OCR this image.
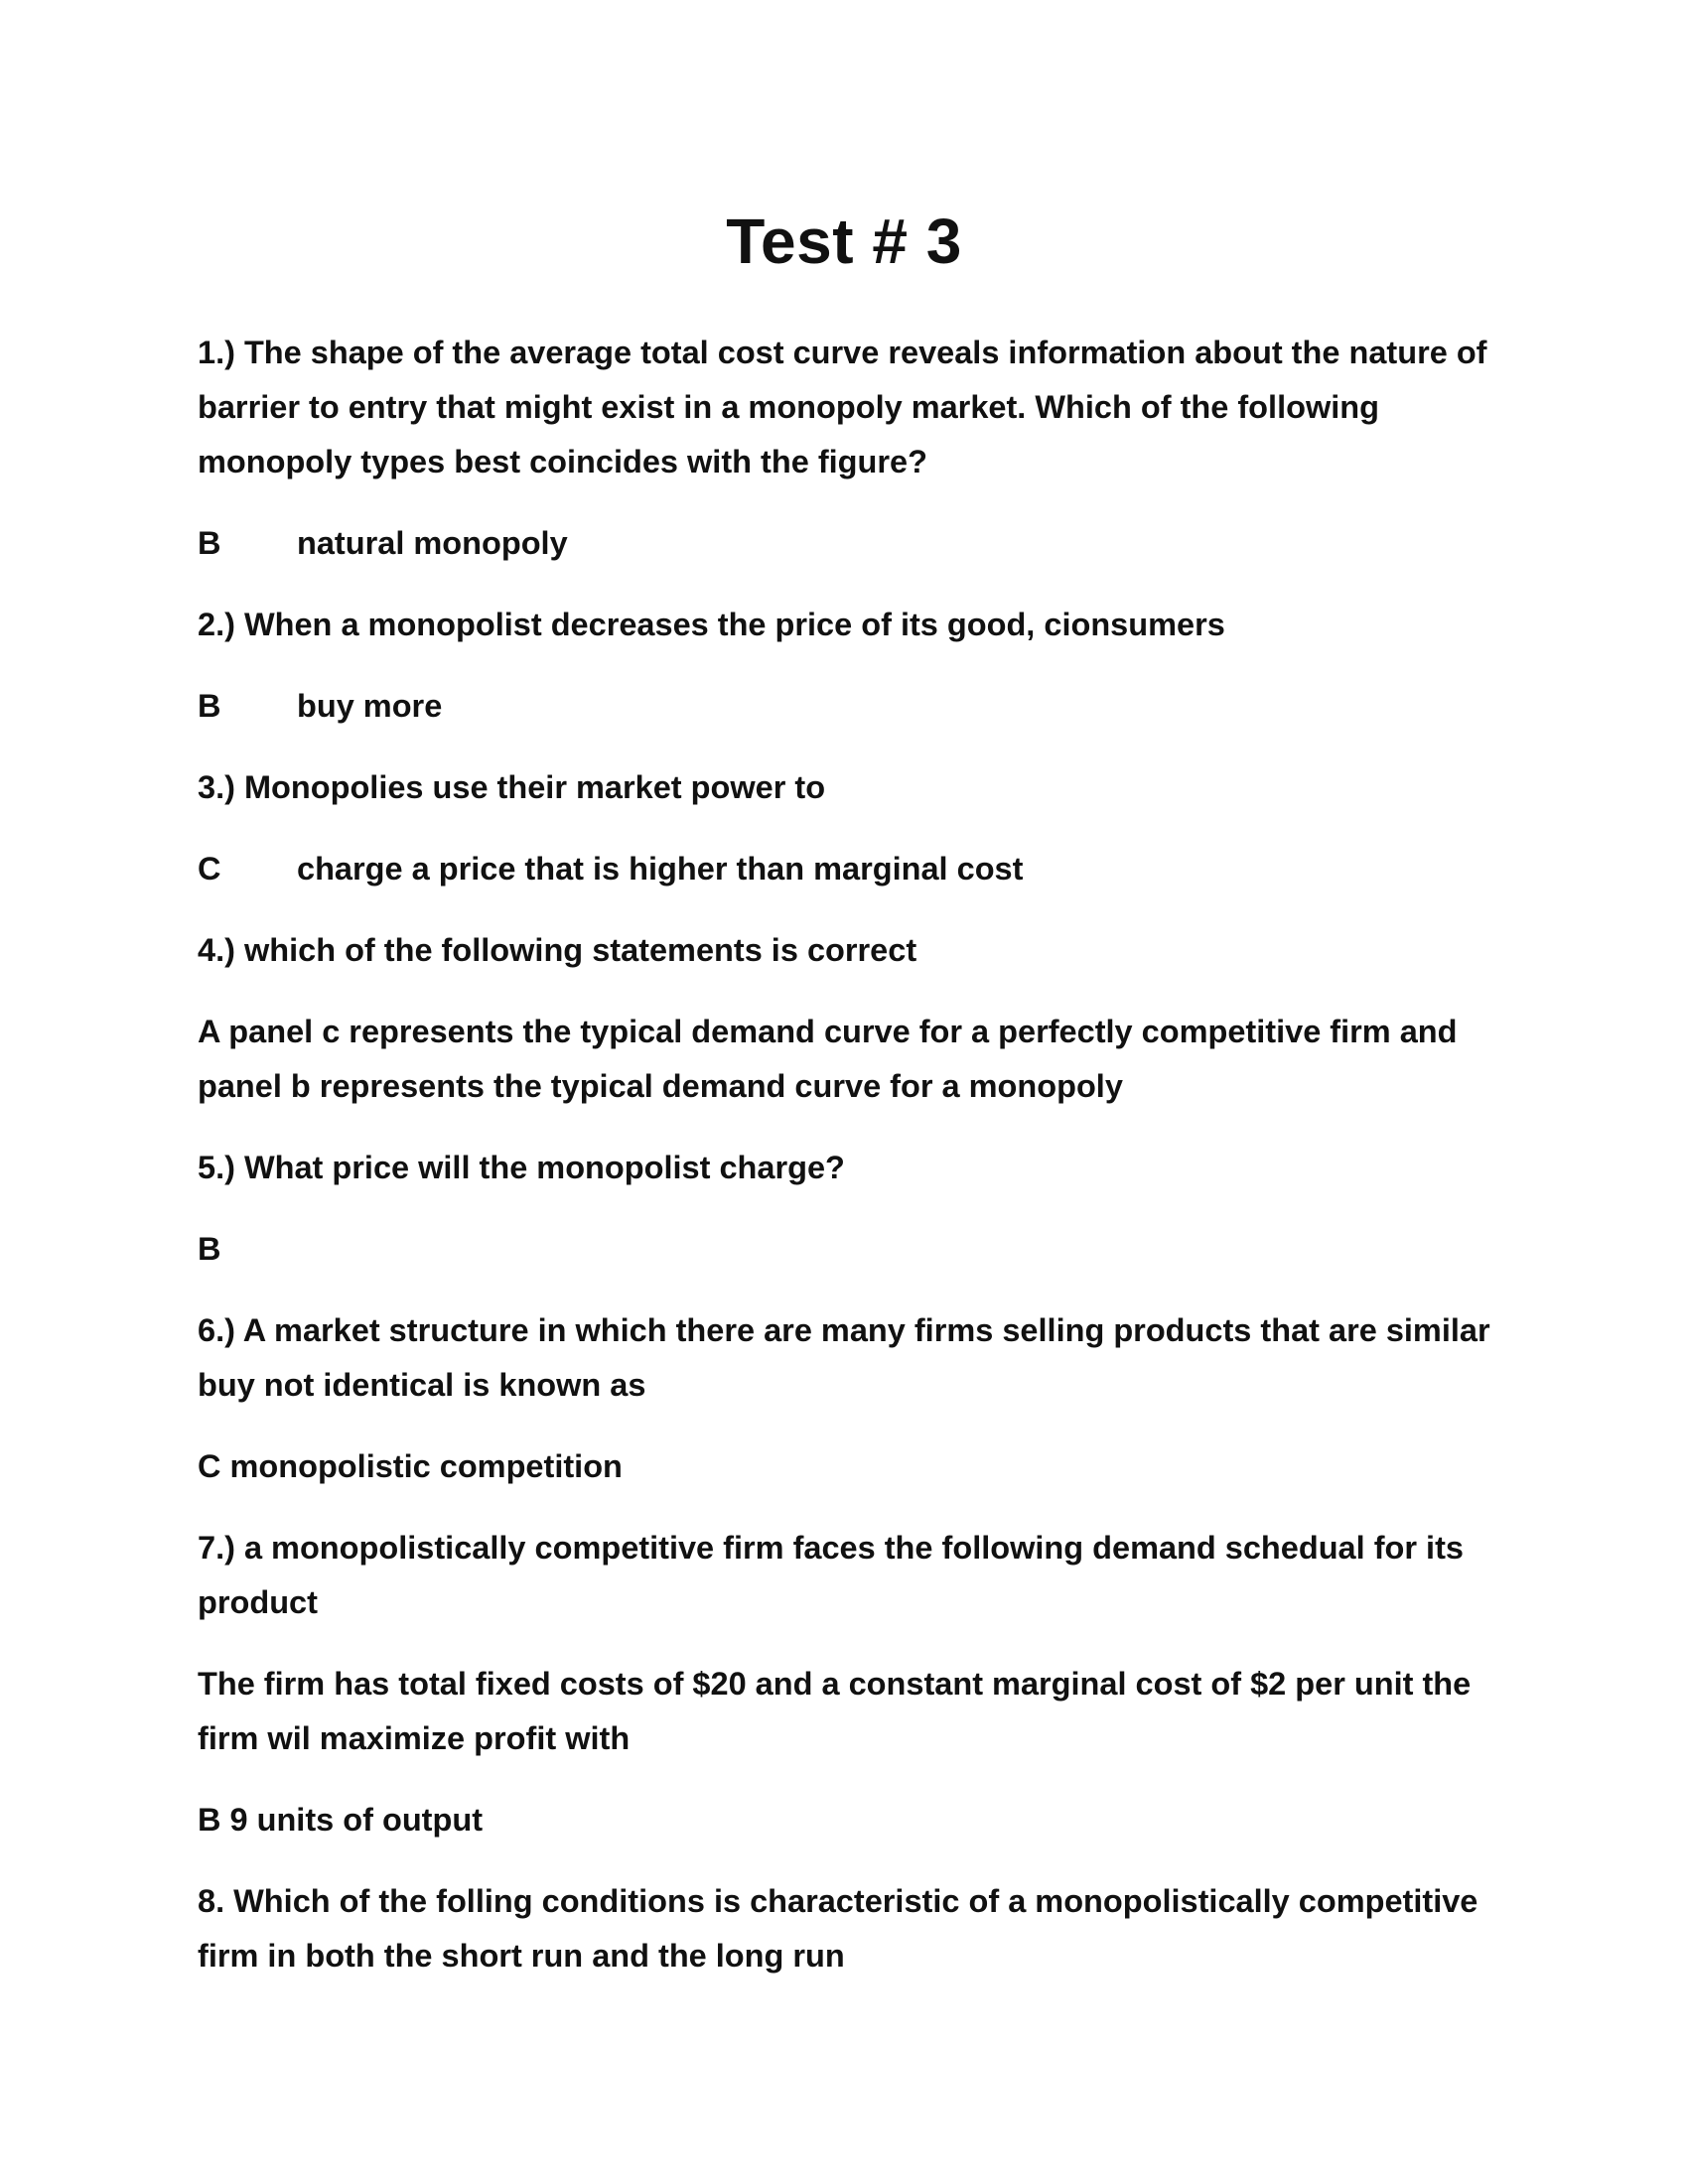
Test # 3

1.) The shape of the average total cost curve reveals information about the nature of barrier to entry that might exist in a monopoly market. Which of the following monopoly types best coincides with the figure?

B	natural monopoly

2.) When a monopolist decreases the price of its good, cionsumers

B	buy more

3.) Monopolies use their market power to

C	charge a price that is higher than marginal cost

4.) which of the following statements is correct

A panel c represents the typical demand curve for a perfectly competitive firm and panel b represents the typical demand curve for a monopoly

5.) What price will the monopolist charge?

B

6.) A market structure in which there are many firms selling products that are similar buy not identical is known as

C monopolistic competition

7.) a monopolistically competitive firm faces the following demand schedual for its product

The firm has total fixed costs of $20 and a constant marginal cost of $2 per unit the firm wil maximize profit with

B 9 units of output

8. Which of the folling conditions is characteristic of a monopolistically competitive firm in both the short run and the long run
